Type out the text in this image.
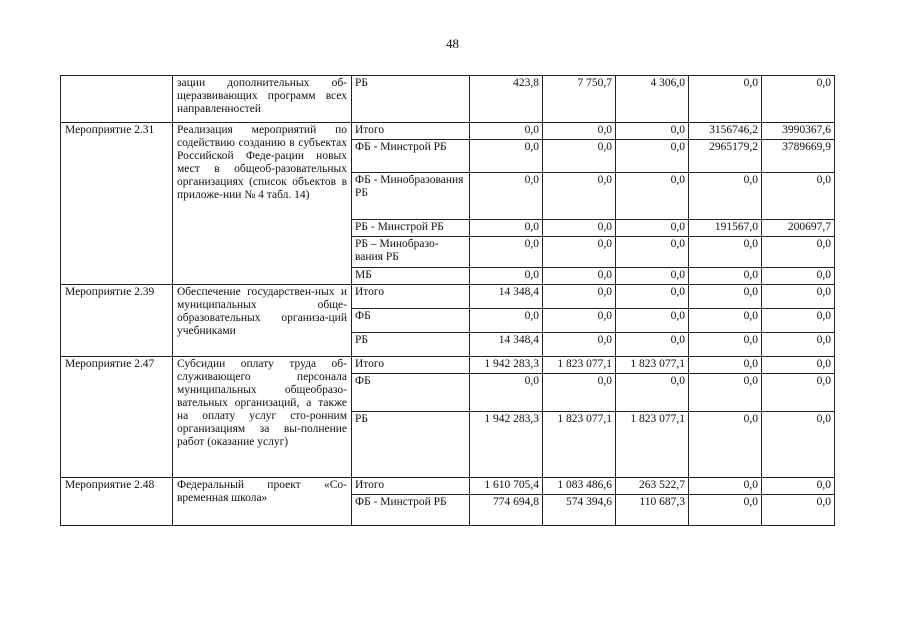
48
	зации дополнительных об-щеразвивающих программ всех направленностей	РБ	423,8	7 750,7	4 306,0	0,0	0,0
Мероприятие 2.31	Реализация мероприятий по содействию созданию в субъектах Российской Феде-рации новых мест в общеоб-разовательных организациях (список объектов в приложе-нии № 4 табл. 14)	Итого	0,0	0,0	0,0	3156746,2	3990367,6
		ФБ - Минстрой РБ	0,0	0,0	0,0	2965179,2	3789669,9
		ФБ - Минобразования РБ	0,0	0,0	0,0	0,0	0,0
		РБ - Минстрой РБ	0,0	0,0	0,0	191567,0	200697,7
		РБ – Минобразо-вания РБ	0,0	0,0	0,0	0,0	0,0
		МБ	0,0	0,0	0,0	0,0	0,0
Мероприятие 2.39	Обеспечение государствен-ных и муниципальных обще-образовательных организа-ций учебниками	Итого	14 348,4	0,0	0,0	0,0	0,0
		ФБ	0,0	0,0	0,0	0,0	0,0
		РБ	14 348,4	0,0	0,0	0,0	0,0
Мероприятие 2.47	Субсидии оплату труда об-служивающего персонала муниципальных общеобразо-вательных организаций, а также на оплату услуг сто-ронним организациям за вы-полнение работ (оказание услуг)	Итого	1 942 283,3	1 823 077,1	1 823 077,1	0,0	0,0
		ФБ	0,0	0,0	0,0	0,0	0,0
		РБ	1 942 283,3	1 823 077,1	1 823 077,1	0,0	0,0
Мероприятие 2.48	Федеральный проект «Со-временная школа»	Итого	1 610 705,4	1 083 486,6	263 522,7	0,0	0,0
		ФБ - Минстрой РБ	774 694,8	574 394,6	110 687,3	0,0	0,0
